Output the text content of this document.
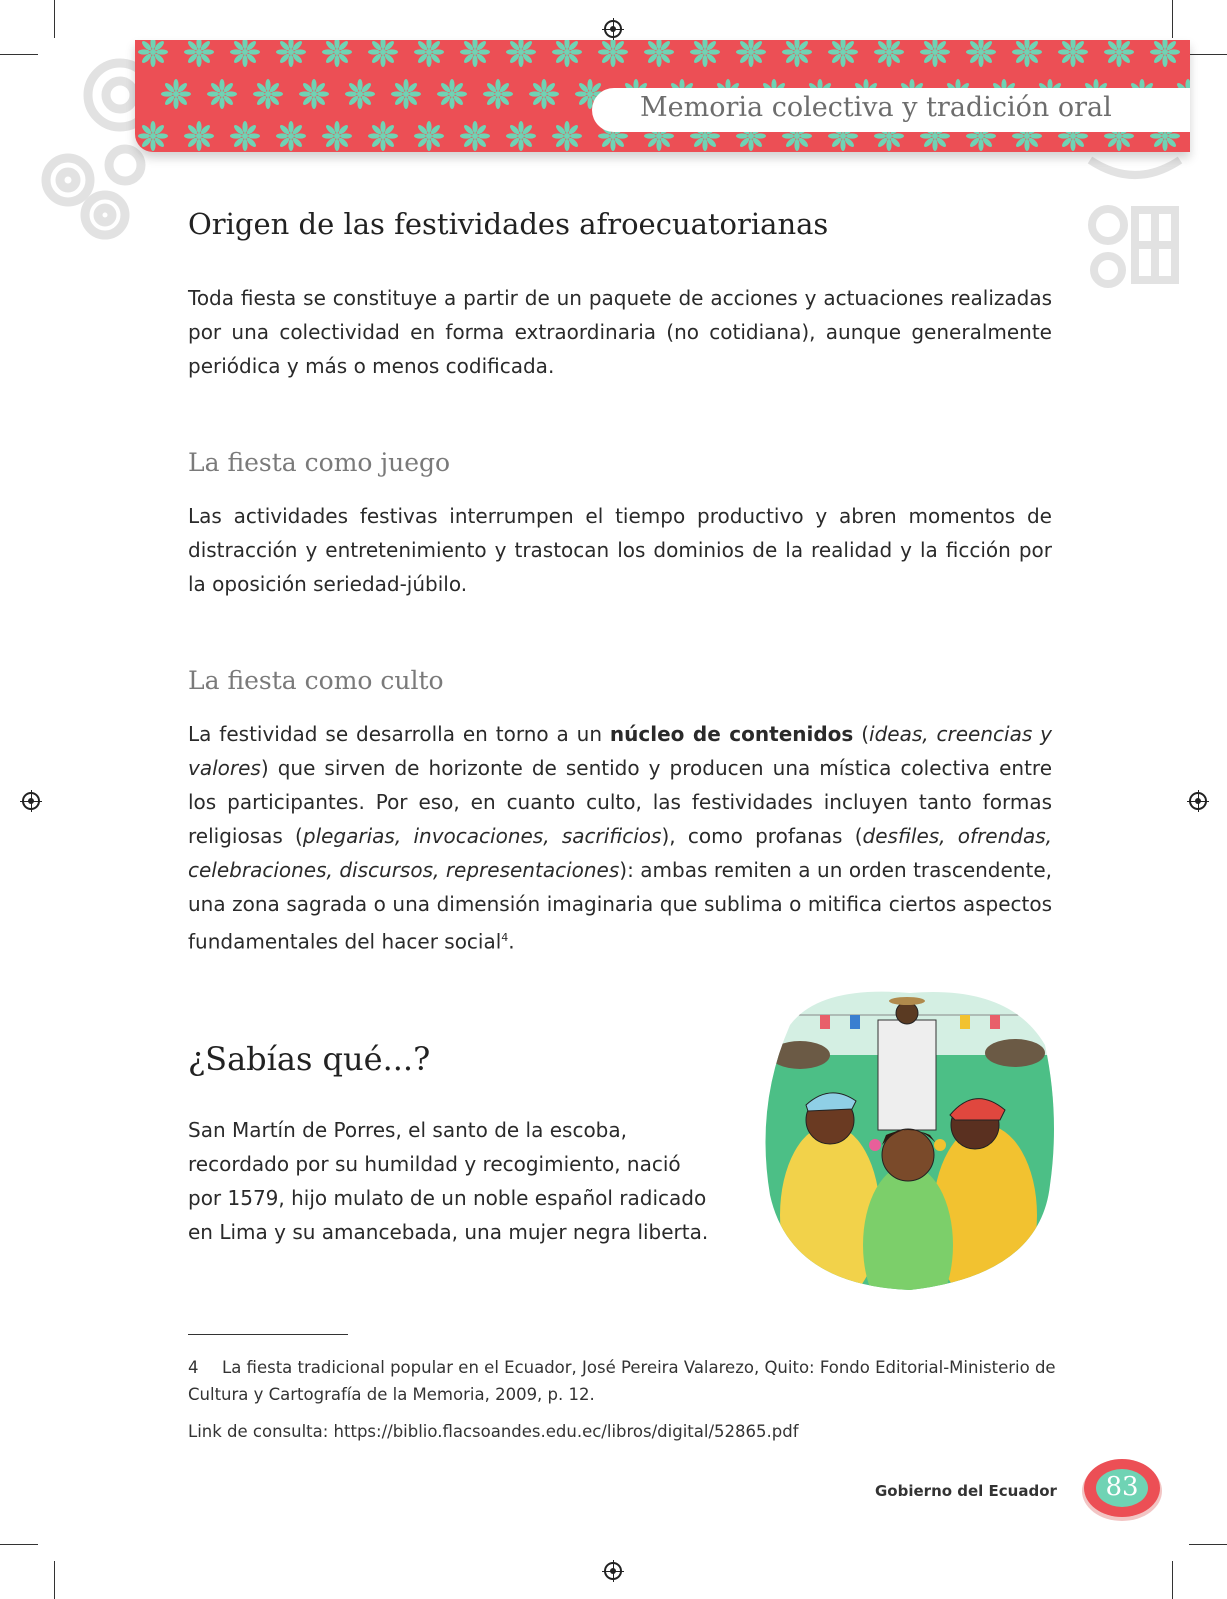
Memoria colectiva y tradición oral
Origen de las festividades afroecuatorianas

Toda fiesta se constituye a partir de un paquete de acciones y actuaciones realizadas por una colectividad en forma extraordinaria (no cotidiana), aunque generalmente periódica y más o menos codificada.

La fiesta como juego

Las actividades festivas interrumpen el tiempo productivo y abren momentos de distracción y entretenimiento y trastocan los dominios de la realidad y la ficción por la oposición seriedad-júbilo.

La fiesta como culto

La festividad se desarrolla en torno a un núcleo de contenidos (ideas, creencias y valores) que sirven de horizonte de sentido y producen una mística colectiva entre los participantes. Por eso, en cuanto culto, las festividades incluyen tanto formas religiosas (plegarias, invocaciones, sacrificios), como profanas (desfiles, ofrendas, celebraciones, discursos, representaciones): ambas remiten a un orden trascendente, una zona sagrada o una dimensión imaginaria que sublima o mitifica ciertos aspectos fundamentales del hacer social$^4$.

¿Sabías qué...?

San Martín de Porres, el santo de la escoba, recordado por su humildad y recogimiento, nació por 1579, hijo mulato de un noble español radicado en Lima y su amancebada, una mujer negra liberta.

4 La fiesta tradicional popular en el Ecuador, José Pereira Valarezo, Quito: Fondo Editorial-Ministerio de Cultura y Cartografía de la Memoria, 2009, p. 12.

Link de consulta: https://biblio.flacsoandes.edu.ec/libros/digital/52865.pdf

Gobierno del Ecuador	83
